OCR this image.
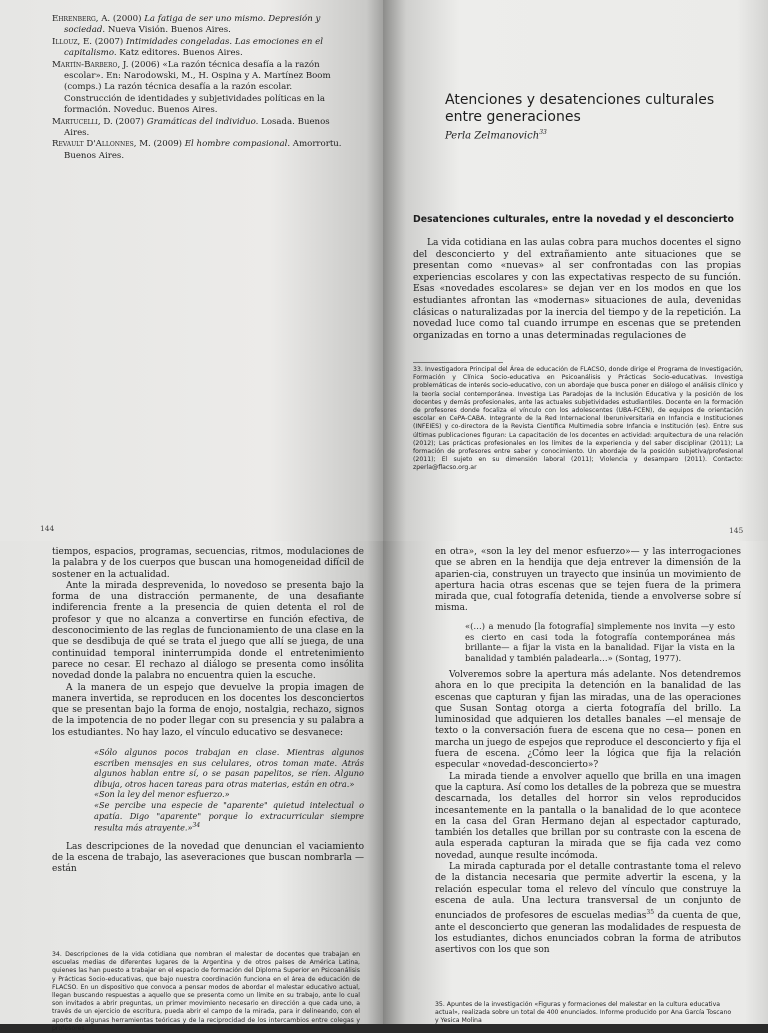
Ehrenberg, A. (2000) La fatiga de ser uno mismo. Depresión y sociedad. Nueva Visión. Buenos Aires.
Illouz, E. (2007) Intimidades congeladas. Las emociones en el capitalismo. Katz editores. Buenos Aires.
Martín-Barbero, J. (2006) «La razón técnica desafía a la razón escolar». En: Narodowski, M., H. Ospina y A. Martínez Boom (comps.) La razón técnica desafía a la razón escolar. Construcción de identidades y subjetividades políticas en la formación. Noveduc. Buenos Aires.
Martucelli, D. (2007) Gramáticas del individuo. Losada. Buenos Aires.
Revault D'Allonnes, M. (2009) El hombre compasional. Amorrortu. Buenos Aires.
144
Atenciones y desatenciones culturales entre generaciones
Perla Zelmanovich$^{33}$
Desatenciones culturales, entre la novedad y el desconcierto

La vida cotidiana en las aulas cobra para muchos docentes el signo del desconcierto y del extrañamiento ante situaciones que se presentan como «nuevas» al ser confrontadas con las propias experiencias escolares y con las expectativas respecto de su función. Esas «novedades escolares» se dejan ver en los modos en que los estudiantes afrontan las «modernas» situaciones de aula, devenidas clásicas o naturalizadas por la inercia del tiempo y de la repetición. La novedad luce como tal cuando irrumpe en escenas que se pretenden organizadas en torno a unas determinadas regulaciones de

33. Investigadora Principal del Área de educación de FLACSO, donde dirige el Programa de Investigación, Formación y Clínica Socio-educativa en Psicoanálisis y Prácticas Socio-educativas. Investiga problemáticas de interés socio-educativo, con un abordaje que busca poner en diálogo el análisis clínico y la teoría social contemporánea. Investiga Las Paradojas de la Inclusión Educativa y la posición de los docentes y demás profesionales, ante las actuales subjetividades estudiantiles. Docente en la formación de profesores donde focaliza el vínculo con los adolescentes (UBA-FCEN), de equipos de orientación escolar en CePA-CABA. Integrante de la Red Internacional Iberuniversitaria en Infancia e Instituciones (INFEIES) y co-directora de la Revista Científica Multimedia sobre Infancia e Institución (es). Entre sus últimas publicaciones figuran: La capacitación de los docentes en actividad: arquitectura de una relación (2012); Las prácticas profesionales en los límites de la experiencia y del saber disciplinar (2011); La formación de profesores entre saber y conocimiento. Un abordaje de la posición subjetiva/profesional (2011); El sujeto en su dimensión laboral (2011); Violencia y desamparo (2011). Contacto: zperla@flacso.org.ar
145

tiempos, espacios, programas, secuencias, ritmos, modulaciones de la palabra y de los cuerpos que buscan una homogeneidad difícil de sostener en la actualidad.

Ante la mirada desprevenida, lo novedoso se presenta bajo la forma de una distracción permanente, de una desafiante indiferencia frente a la presencia de quien detenta el rol de profesor y que no alcanza a convertirse en función efectiva, de desconocimiento de las reglas de funcionamiento de una clase en la que se desdibuja de qué se trata el juego que allí se juega, de una continuidad temporal ininterrumpida donde el entretenimiento parece no cesar. El rechazo al diálogo se presenta como insólita novedad donde la palabra no encuentra quien la escuche.

A la manera de un espejo que devuelve la propia imagen de manera invertida, se reproducen en los docentes los desconciertos que se presentan bajo la forma de enojo, nostalgia, rechazo, signos de la impotencia de no poder llegar con su presencia y su palabra a los estudiantes. No hay lazo, el vínculo educativo se desvanece:

«Sólo algunos pocos trabajan en clase. Mientras algunos escriben mensajes en sus celulares, otros toman mate. Atrás algunos hablan entre sí, o se pasan papelitos, se ríen. Alguno dibuja, otros hacen tareas para otras materias, están en otra.»
«Son la ley del menor esfuerzo.»
«Se percibe una especie de "aparente" quietud intelectual o apatía. Digo "aparente" porque lo extracurricular siempre resulta más atrayente.»$^{34}$

Las descripciones de la novedad que denuncian el vaciamiento de la escena de trabajo, las aseveraciones que buscan nombrarla —están

34. Descripciones de la vida cotidiana que nombran el malestar de docentes que trabajan en escuelas medias de diferentes lugares de la Argentina y de otros países de América Latina, quienes las han puesto a trabajar en el espacio de formación del Diploma Superior en Psicoanálisis y Prácticas Socio-educativas, que bajo nuestra coordinación funciona en el área de educación de FLACSO. En un dispositivo que convoca a pensar modos de abordar el malestar educativo actual, llegan buscando respuestas a aquello que se presenta como un límite en su trabajo, ante lo cual son invitados a abrir preguntas, un primer movimiento necesario en dirección a que cada uno, a través de un ejercicio de escritura, pueda abrir el campo de la mirada, para ir delineando, con el aporte de algunas herramientas teóricas y de la reciprocidad de los intercambios entre colegas y profesores

en otra», «son la ley del menor esfuerzo»— y las interrogaciones que se abren en la hendija que deja entrever la dimensión de la aparien-cia, construyen un trayecto que insinúa un movimiento de apertura hacia otras escenas que se tejen fuera de la primera mirada que, cual fotografía detenida, tiende a envolverse sobre sí misma.

«(…) a menudo [la fotografía] simplemente nos invita —y esto es cierto en casi toda la fotografía contemporánea más brillante— a fijar la vista en la banalidad. Fijar la vista en la banalidad y también paladearla…» (Sontag, 1977).

Volveremos sobre la apertura más adelante. Nos detendremos ahora en lo que precipita la detención en la banalidad de las escenas que capturan y fijan las miradas, una de las operaciones que Susan Sontag otorga a cierta fotografía del brillo. La luminosidad que adquieren los detalles banales —el mensaje de texto o la conversación fuera de escena que no cesa— ponen en marcha un juego de espejos que reproduce el desconcierto y fija el fuera de escena. ¿Cómo leer la lógica que fija la relación especular «novedad-desconcierto»?

La mirada tiende a envolver aquello que brilla en una imagen que la captura. Así como los detalles de la pobreza que se muestra descarnada, los detalles del horror sin velos reproducidos incesantemente en la pantalla o la banalidad de lo que acontece en la casa del Gran Hermano dejan al espectador capturado, también los detalles que brillan por su contraste con la escena de aula esperada capturan la mirada que se fija cada vez como novedad, aunque resulte incómoda.

La mirada capturada por el detalle contrastante toma el relevo de la distancia necesaria que permite advertir la escena, y la relación especular toma el relevo del vínculo que construye la escena de aula. Una lectura transversal de un conjunto de enunciados de profesores de escuelas medias$^{35}$ da cuenta de que, ante el desconcierto que generan las modalidades de respuesta de los estudiantes, dichos enunciados cobran la forma de atributos asertivos con los que son

35. Apuntes de la investigación «Figuras y formaciones del malestar en la cultura educativa actual», realizada sobre un total de 400 enunciados. Informe producido por Ana García Toscano y Yesica Molina
